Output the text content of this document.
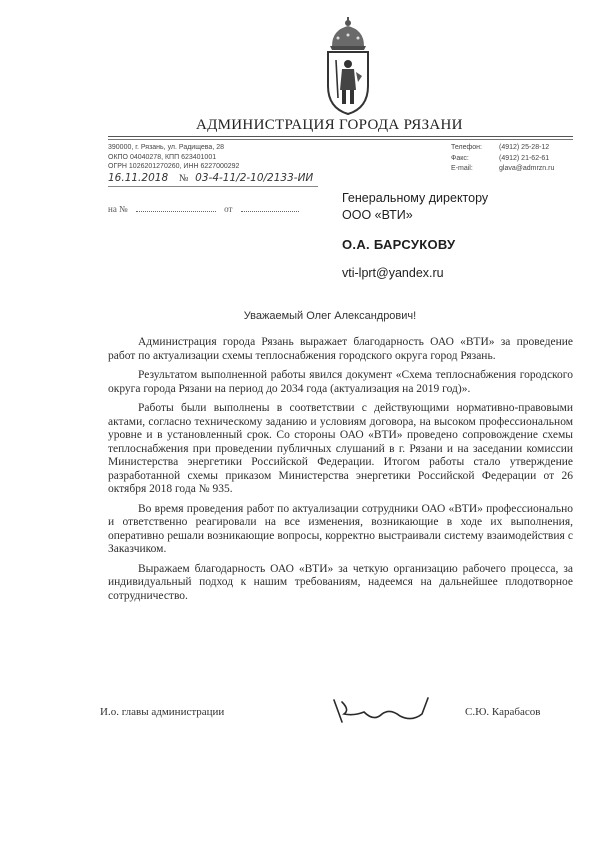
АДМИНИСТРАЦИЯ ГОРОДА РЯЗАНИ
390000, г. Рязань, ул. Радищева, 28
ОКПО 04040278, КПП 623401001
ОГРН 1026201270260, ИНН 6227000292
Телефон:	(4912) 25-28-12
Факс:	(4912) 21-62-61
E-mail:	glava@admrzn.ru
16.11.2018 № 03-4-11/2-10/2133-ИИ
на №	от
Генеральному директору
ООО «ВТИ»
О.А. БАРСУКОВУ
vti-lprt@yandex.ru
Уважаемый Олег Александрович!

Администрация города Рязань выражает благодарность ОАО «ВТИ» за проведение работ по актуализации схемы теплоснабжения городского округа город Рязань.

Результатом выполненной работы явился документ «Схема теплоснабжения городского округа города Рязани на период до 2034 года (актуализация на 2019 год)».

Работы были выполнены в соответствии с действующими нормативно-правовыми актами, согласно техническому заданию и условиям договора, на высоком профессиональном уровне и в установленный срок. Со стороны ОАО «ВТИ» проведено сопровождение схемы теплоснабжения при проведении публичных слушаний в г. Рязани и на заседании комиссии Министерства энергетики Российской Федерации. Итогом работы стало утверждение разработанной схемы приказом Министерства энергетики Российской Федерации от 26 октября 2018 года № 935.

Во время проведения работ по актуализации сотрудники ОАО «ВТИ» профессионально и ответственно реагировали на все изменения, возникающие в ходе их выполнения, оперативно решали возникающие вопросы, корректно выстраивали систему взаимодействия с Заказчиком.

Выражаем благодарность ОАО «ВТИ» за четкую организацию рабочего процесса, за индивидуальный подход к нашим требованиям, надеемся на дальнейшее плодотворное сотрудничество.

И.о. главы администрации	С.Ю. Карабасов
